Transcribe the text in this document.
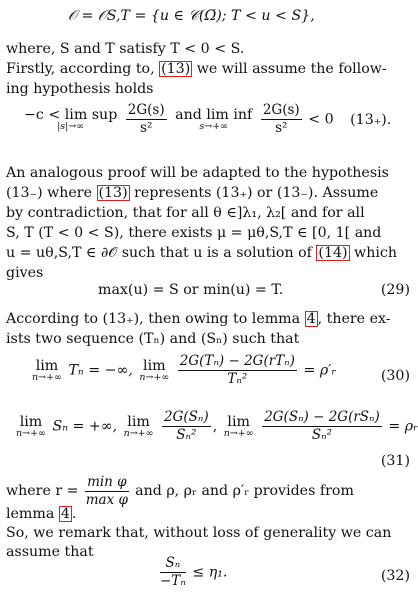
𝒪 = 𝒪S,T = {u ∈ 𝒞(Ω̅); T < u < S},
where, S and T satisfy T < 0 < S.
Firstly, according to, (13) we will assume the follow-
ing hypothesis holds
−c < lim sup
|s|→∞
	$\frac{2G(s)}{\text{s²}}$
and lim inf
s→+∞
	$\frac{2G(s)}{\text{s²}} < 0$ (13₊).
An analogous proof will be adapted to the hypothesis
(13₋) where (13) represents (13₊) or (13₋). Assume
by contradiction, that for all θ ∈]λ₁, λ₂[ and for all
S, T (T < 0 < S), there exists μ = μθ,S,T ∈ [0, 1[ and
u = uθ,S,T ∈ ∂𝒪 such that u is a solution of (14) which
gives
max(u) = S or min(u) = T.	(29)
According to (13₊), then owing to lemma 4 , there ex-
ists two sequence (Tₙ) and (Sₙ) such that
lim
n→+∞ Tₙ = −∞, lim
n→+∞
$\frac{\text{2G(Tₙ) − 2G(rTₙ)}}{\text{Tₙ²}}$ = ρ′ᵣ	(30)
lim
n→+∞ Sₙ = +∞, lim
n→+∞
$\frac{\text{2G(Sₙ)}}{\text{Sₙ²}}$ , lim
n→+∞
$\frac{\text{2G(Sₙ) − 2G(rSₙ)}}{\text{Sₙ²}}$ = ρᵣ
(31)
where $r = \frac{\text{min φ}}{\text{max φ}}$ and ρ, ρᵣ and ρ′ᵣ provides from
lemma 4 .
So, we remark that, without loss of generality we can
assume that
$\frac{\text{Sₙ}}{\text{−Tₙ}} \le \eta_1$.	(32)
